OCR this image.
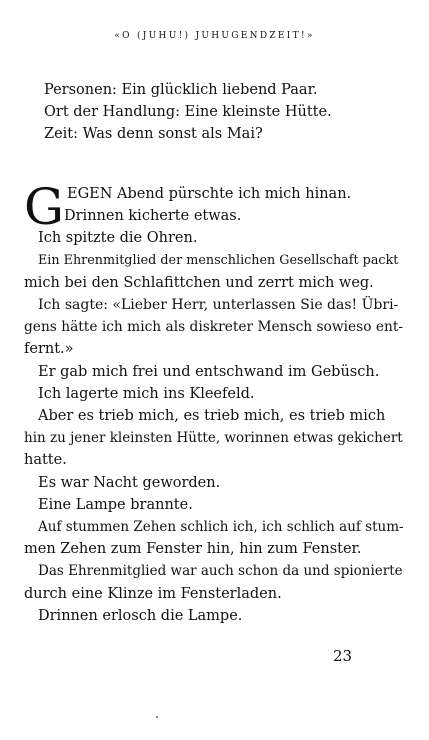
«O (JUHU!) JUHUGENDZEIT!»
Personen: Ein glücklich liebend Paar.
Ort der Handlung: Eine kleinste Hütte.
Zeit: Was denn sonst als Mai?
G EGEN Abend pürschte ich mich hinan.
Drinnen kicherte etwas.
Ich spitzte die Ohren.
Ein Ehrenmitglied der menschlichen Gesellschaft packt
mich bei den Schlafittchen und zerrt mich weg.
Ich sagte: «Lieber Herr, unterlassen Sie das! Übri-
gens hätte ich mich als diskreter Mensch sowieso ent-
fernt.»
Er gab mich frei und entschwand im Gebüsch.
Ich lagerte mich ins Kleefeld.
Aber es trieb mich, es trieb mich, es trieb mich
hin zu jener kleinsten Hütte, worinnen etwas gekichert
hatte.
Es war Nacht geworden.
Eine Lampe brannte.
Auf stummen Zehen schlich ich, ich schlich auf stum-
men Zehen zum Fenster hin, hin zum Fenster.
Das Ehrenmitglied war auch schon da und spionierte
durch eine Klinze im Fensterladen.
Drinnen erlosch die Lampe.
23
